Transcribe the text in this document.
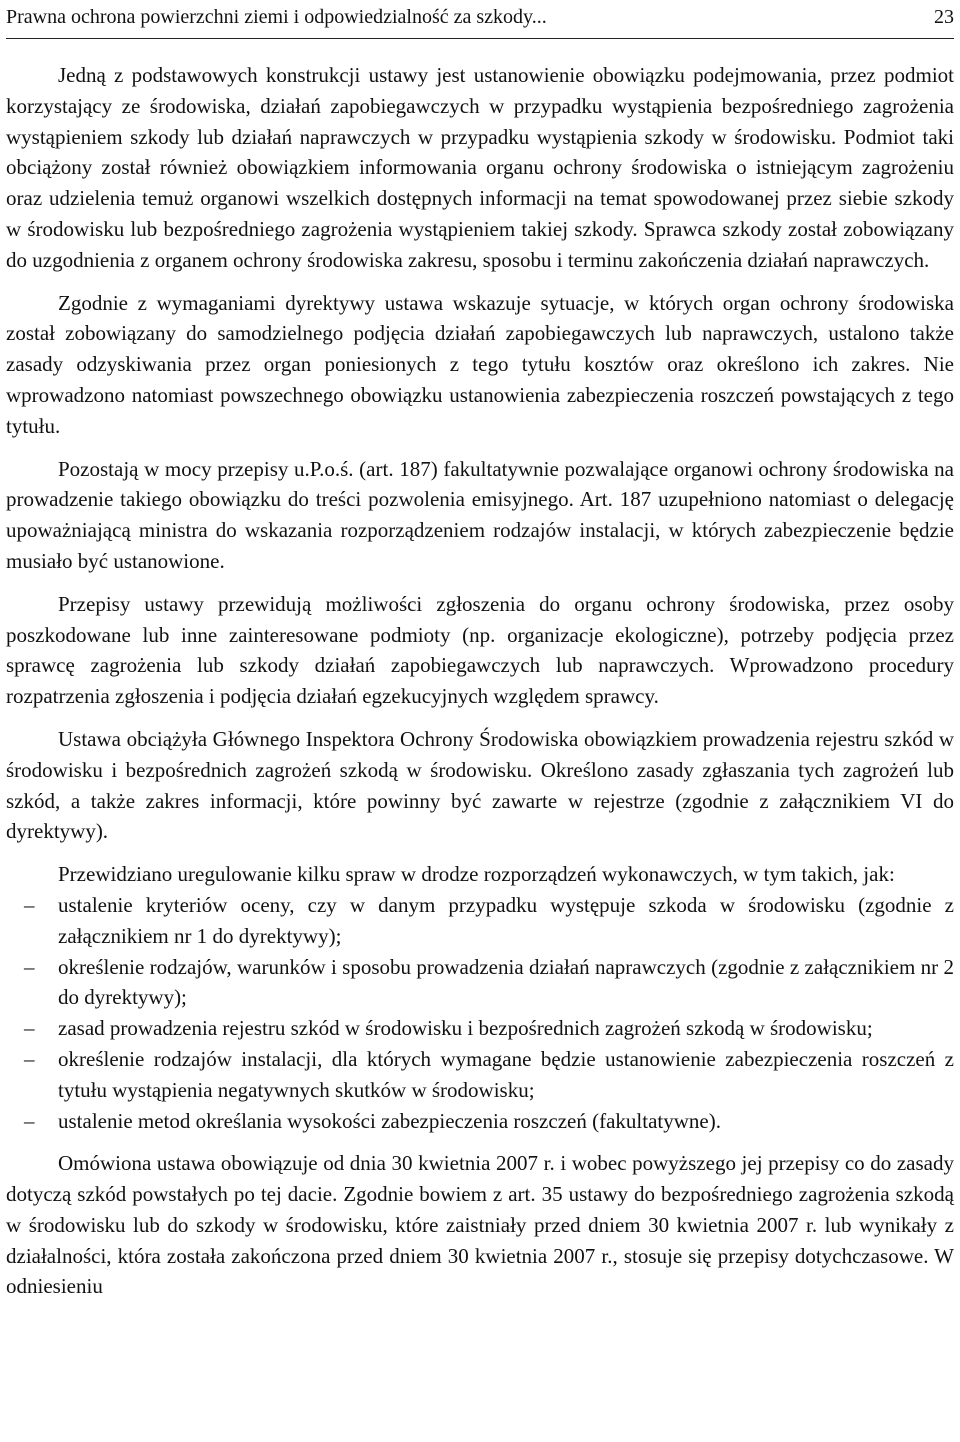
Prawna ochrona powierzchni ziemi i odpowiedzialność za szkody...	23

Jedną z podstawowych konstrukcji ustawy jest ustanowienie obowiązku podejmowania, przez podmiot korzystający ze środowiska, działań zapobiegawczych w przypadku wystąpienia bezpośredniego zagrożenia wystąpieniem szkody lub działań naprawczych w przypadku wystąpienia szkody w środowisku. Podmiot taki obciążony został również obowiązkiem informowania organu ochrony środowiska o istniejącym zagrożeniu oraz udzielenia temuż organowi wszelkich dostępnych informacji na temat spowodowanej przez siebie szkody w środowisku lub bezpośredniego zagrożenia wystąpieniem takiej szkody. Sprawca szkody został zobowiązany do uzgodnienia z organem ochrony środowiska zakresu, sposobu i terminu zakończenia działań naprawczych.

Zgodnie z wymaganiami dyrektywy ustawa wskazuje sytuacje, w których organ ochrony środowiska został zobowiązany do samodzielnego podjęcia działań zapobiegawczych lub naprawczych, ustalono także zasady odzyskiwania przez organ poniesionych z tego tytułu kosztów oraz określono ich zakres. Nie wprowadzono natomiast powszechnego obowiązku ustanowienia zabezpieczenia roszczeń powstających z tego tytułu.

Pozostają w mocy przepisy u.P.o.ś. (art. 187) fakultatywnie pozwalające organowi ochrony środowiska na prowadzenie takiego obowiązku do treści pozwolenia emisyjnego. Art. 187 uzupełniono natomiast o delegację upoważniającą ministra do wskazania rozporządzeniem rodzajów instalacji, w których zabezpieczenie będzie musiało być ustanowione.

Przepisy ustawy przewidują możliwości zgłoszenia do organu ochrony środowiska, przez osoby poszkodowane lub inne zainteresowane podmioty (np. organizacje ekologiczne), potrzeby podjęcia przez sprawcę zagrożenia lub szkody działań zapobiegawczych lub naprawczych. Wprowadzono procedury rozpatrzenia zgłoszenia i podjęcia działań egzekucyjnych względem sprawcy.

Ustawa obciążyła Głównego Inspektora Ochrony Środowiska obowiązkiem prowadzenia rejestru szkód w środowisku i bezpośrednich zagrożeń szkodą w środowisku. Określono zasady zgłaszania tych zagrożeń lub szkód, a także zakres informacji, które powinny być zawarte w rejestrze (zgodnie z załącznikiem VI do dyrektywy).

Przewidziano uregulowanie kilku spraw w drodze rozporządzeń wykonawczych, w tym takich, jak:

– ustalenie kryteriów oceny, czy w danym przypadku występuje szkoda w środowisku (zgodnie z załącznikiem nr 1 do dyrektywy);
– określenie rodzajów, warunków i sposobu prowadzenia działań naprawczych (zgodnie z załącznikiem nr 2 do dyrektywy);
– zasad prowadzenia rejestru szkód w środowisku i bezpośrednich zagrożeń szkodą w środowisku;
– określenie rodzajów instalacji, dla których wymagane będzie ustanowienie zabezpieczenia roszczeń z tytułu wystąpienia negatywnych skutków w środowisku;
– ustalenie metod określania wysokości zabezpieczenia roszczeń (fakultatywne).

Omówiona ustawa obowiązuje od dnia 30 kwietnia 2007 r. i wobec powyższego jej przepisy co do zasady dotyczą szkód powstałych po tej dacie. Zgodnie bowiem z art. 35 ustawy do bezpośredniego zagrożenia szkodą w środowisku lub do szkody w środowisku, które zaistniały przed dniem 30 kwietnia 2007 r. lub wynikały z działalności, która została zakończona przed dniem 30 kwietnia 2007 r., stosuje się przepisy dotychczasowe. W odniesieniu
